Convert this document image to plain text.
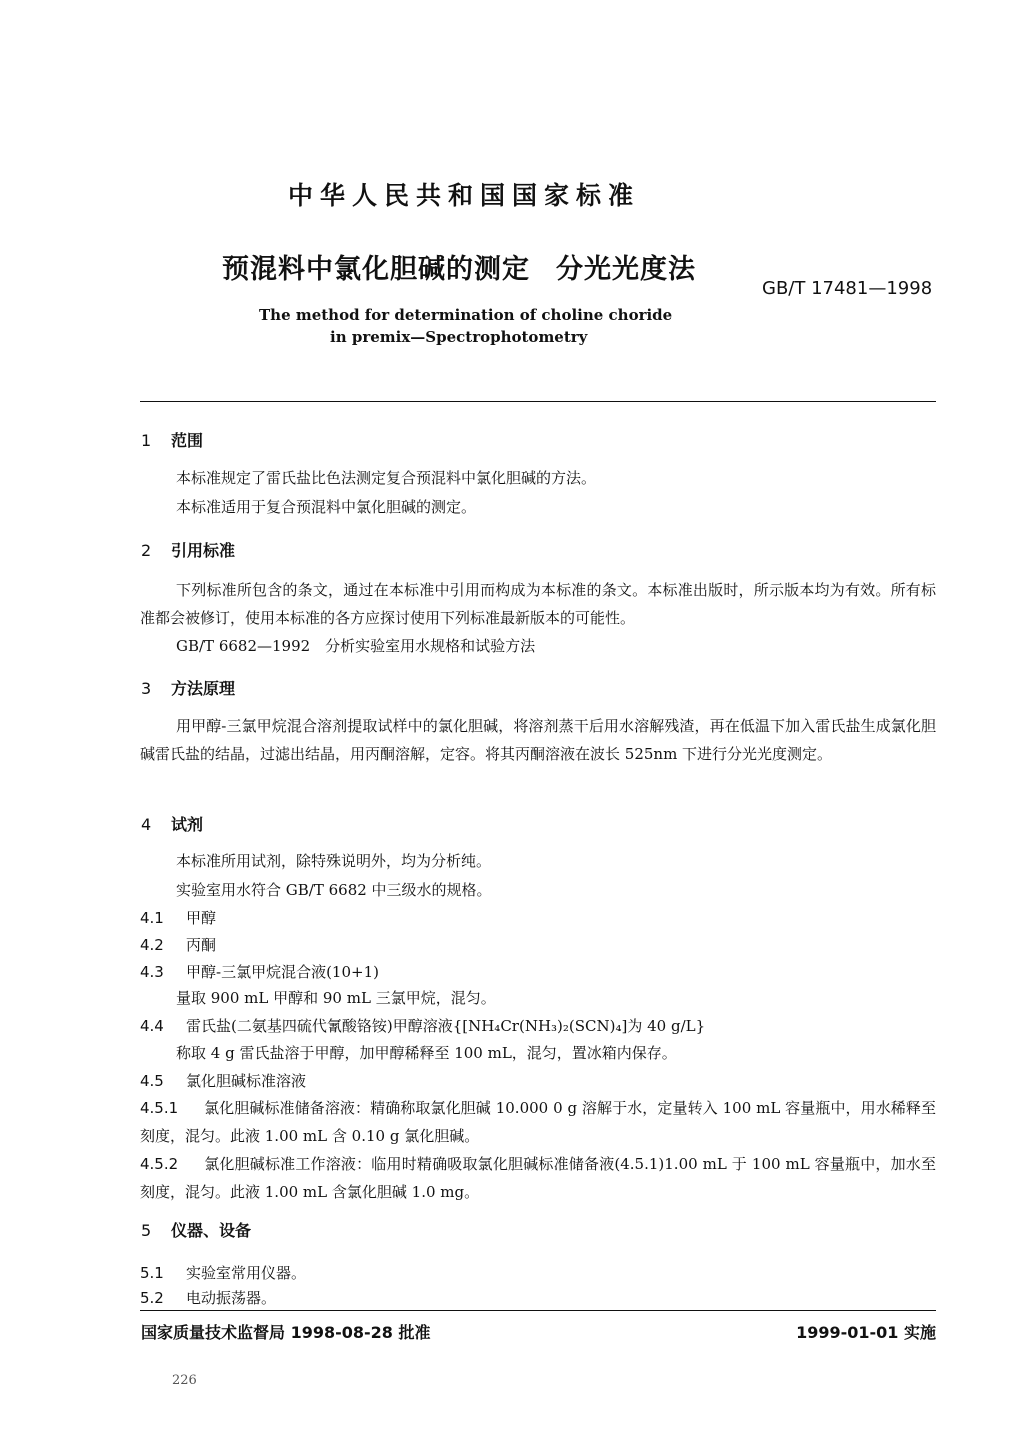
中华人民共和国国家标准
预混料中氯化胆碱的测定 分光光度法
GB/T 17481—1998
The method for determination of choline choride
in premix—Spectrophotometry
1 范围
本标准规定了雷氏盐比色法测定复合预混料中氯化胆碱的方法。
本标准适用于复合预混料中氯化胆碱的测定。
2 引用标准
下列标准所包含的条文，通过在本标准中引用而构成为本标准的条文。本标准出版时，所示版本均为有效。所有标准都会被修订，使用本标准的各方应探讨使用下列标准最新版本的可能性。
GB/T 6682—1992　分析实验室用水规格和试验方法
3 方法原理
用甲醇-三氯甲烷混合溶剂提取试样中的氯化胆碱，将溶剂蒸干后用水溶解残渣，再在低温下加入雷氏盐生成氯化胆碱雷氏盐的结晶，过滤出结晶，用丙酮溶解，定容。将其丙酮溶液在波长 525nm 下进行分光光度测定。
4 试剂
本标准所用试剂，除特殊说明外，均为分析纯。
实验室用水符合 GB/T 6682 中三级水的规格。
4.1 甲醇
4.2 丙酮
4.3 甲醇-三氯甲烷混合液(10+1)
量取 900 mL 甲醇和 90 mL 三氯甲烷，混匀。
4.4 雷氏盐(二氨基四硫代氰酸铬铵)甲醇溶液{[NH₄Cr(NH₃)₂(SCN)₄]为 40 g/L}
称取 4 g 雷氏盐溶于甲醇，加甲醇稀释至 100 mL，混匀，置冰箱内保存。
4.5 氯化胆碱标准溶液
4.5.1 氯化胆碱标准储备溶液：精确称取氯化胆碱 10.000 0 g 溶解于水，定量转入 100 mL 容量瓶中，用水稀释至刻度，混匀。此液 1.00 mL 含 0.10 g 氯化胆碱。
4.5.2 氯化胆碱标准工作溶液：临用时精确吸取氯化胆碱标准储备液(4.5.1)1.00 mL 于 100 mL 容量瓶中，加水至刻度，混匀。此液 1.00 mL 含氯化胆碱 1.0 mg。
5 仪器、设备
5.1 实验室常用仪器。
5.2 电动振荡器。
国家质量技术监督局 1998-08-28 批准	1999-01-01 实施
226
